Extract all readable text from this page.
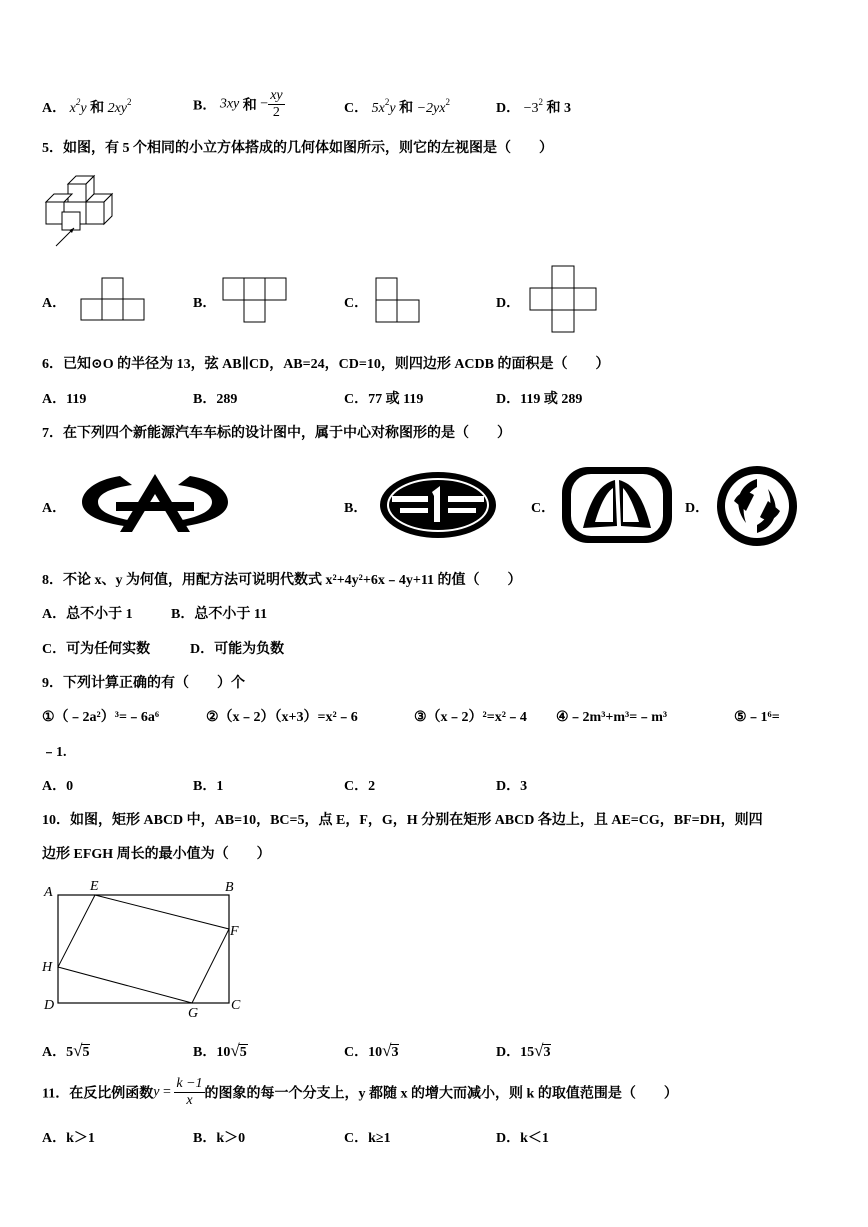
A． $x^2y$ 和 $2xy^2$	B． 3xy 和 − $\frac{xy}{2}$	C． $5x^2y$ 和 $-2yx^2$	D． $-3^2$ 和 3
5．如图，有 5 个相同的小立方体搭成的几何体如图所示，则它的左视图是（　　）
A．	B．	C．	D．
6．已知⊙O 的半径为 13，弦 AB∥CD，AB=24，CD=10，则四边形 ACDB 的面积是（　　）
A．119	B．289	C．77 或 119	D．119 或 289
7．在下列四个新能源汽车车标的设计图中，属于中心对称图形的是（　　）
A．	B．	C．	D．
8．不论 x、y 为何值，用配方法可说明代数式 x²+4y²+6x﹣4y+11 的值（　　）
A．总不小于 1	B．总不小于 11
C．可为任何实数	D．可能为负数
9．下列计算正确的有（　　）个
①（﹣2a²）³=﹣6a⁶	②（x﹣2）（x+3）=x²﹣6	③（x﹣2）²=x²﹣4 ④﹣2m³+m³=﹣m³	⑤﹣1⁶=
﹣1.
A．0	B．1	C．2	D．3
10．如图，矩形 ABCD 中，AB=10，BC=5，点 E，F，G，H 分别在矩形 ABCD 各边上，且 AE=CG，BF=DH，则四
边形 EFGH 周长的最小值为（　　）
A	E	B
F
H
D
G
C
A．5√5	B．10√5	C．10√3	D．15√3
11．在反比例函数$y = \frac{k -1}{x}$ 的图象的每一个分支上，y 都随 x 的增大而减小，则 k 的取值范围是（　　）
A．k＞1	B．k＞0	C．k≥1	D．k＜1
